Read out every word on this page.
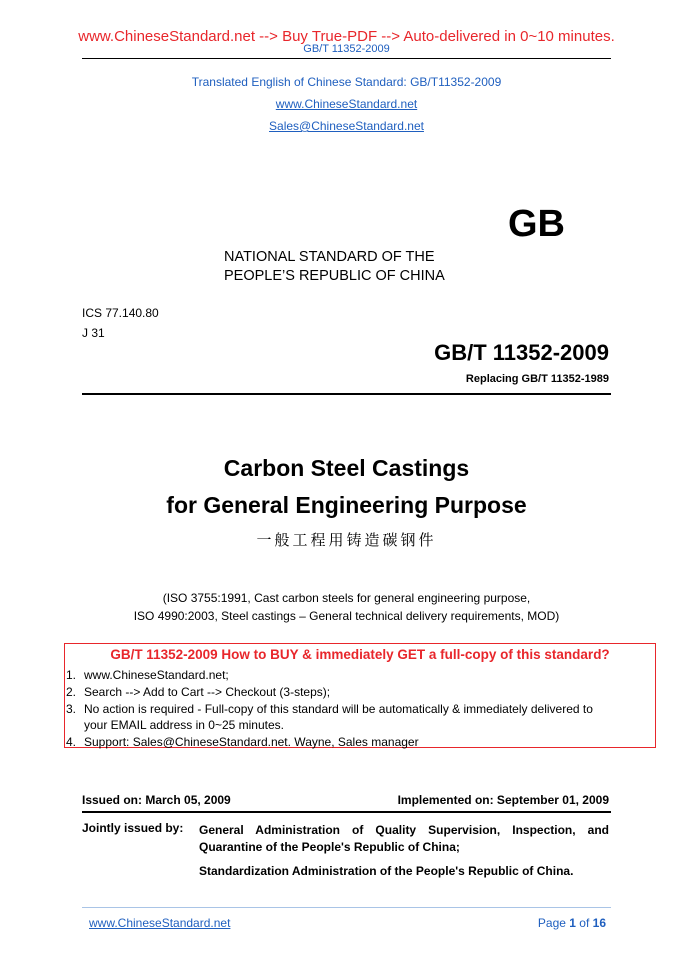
www.ChineseStandard.net --> Buy True-PDF --> Auto-delivered in 0~10 minutes.
GB/T 11352-2009
Translated English of Chinese Standard: GB/T11352-2009
www.ChineseStandard.net
Sales@ChineseStandard.net
GB
NATIONAL STANDARD OF THE
PEOPLE’S REPUBLIC OF CHINA
ICS 77.140.80
J 31
GB/T 11352-2009
Replacing GB/T 11352-1989
Carbon Steel Castings
for General Engineering Purpose
一般工程用铸造碳钢件
(ISO 3755:1991, Cast carbon steels for general engineering purpose,
ISO 4990:2003, Steel castings – General technical delivery requirements, MOD)
GB/T 11352-2009 How to BUY & immediately GET a full-copy of this standard?
1. www.ChineseStandard.net;
2. Search --> Add to Cart --> Checkout (3-steps);
3. No action is required - Full-copy of this standard will be automatically & immediately delivered to
your EMAIL address in 0~25 minutes.
4. Support: Sales@ChineseStandard.net. Wayne, Sales manager
Issued on: March 05, 2009	Implemented on: September 01, 2009
Jointly issued by: General Administration of Quality Supervision, Inspection, and
Quarantine of the People's Republic of China;
Standardization Administration of the People's Republic of China.
www.ChineseStandard.net	Page 1 of 16
